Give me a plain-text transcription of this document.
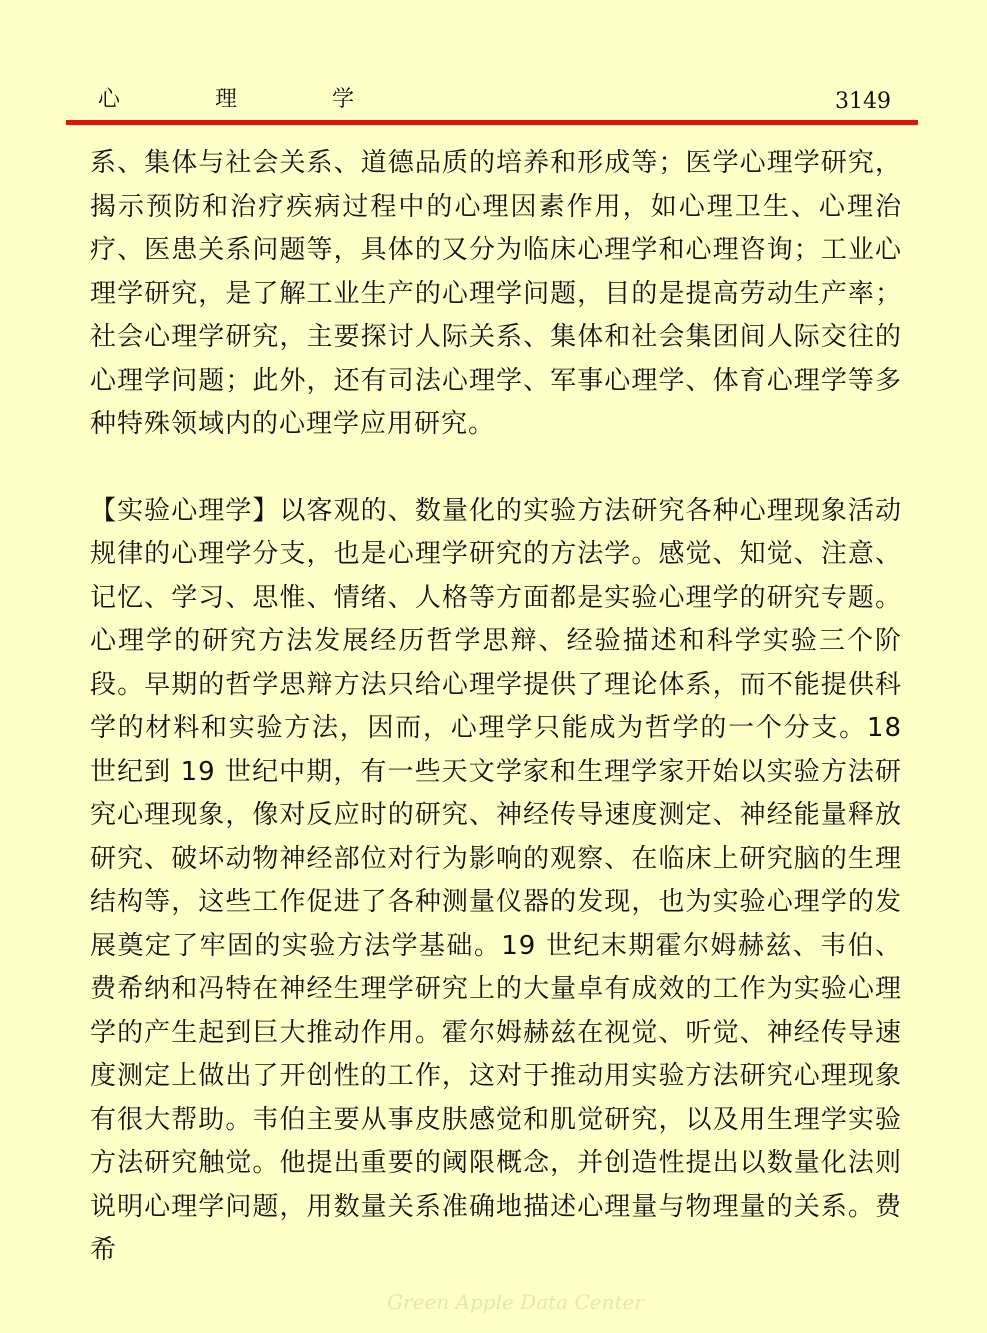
心 理 学	3149

系、集体与社会关系、道德品质的培养和形成等；医学心理学研究，揭示预防和治疗疾病过程中的心理因素作用，如心理卫生、心理治疗、医患关系问题等，具体的又分为临床心理学和心理咨询；工业心理学研究，是了解工业生产的心理学问题，目的是提高劳动生产率；社会心理学研究，主要探讨人际关系、集体和社会集团间人际交往的心理学问题；此外，还有司法心理学、军事心理学、体育心理学等多种特殊领域内的心理学应用研究。

【实验心理学】以客观的、数量化的实验方法研究各种心理现象活动规律的心理学分支，也是心理学研究的方法学。感觉、知觉、注意、记忆、学习、思惟、情绪、人格等方面都是实验心理学的研究专题。心理学的研究方法发展经历哲学思辩、经验描述和科学实验三个阶段。早期的哲学思辩方法只给心理学提供了理论体系，而不能提供科学的材料和实验方法，因而，心理学只能成为哲学的一个分支。18 世纪到 19 世纪中期，有一些天文学家和生理学家开始以实验方法研究心理现象，像对反应时的研究、神经传导速度测定、神经能量释放研究、破坏动物神经部位对行为影响的观察、在临床上研究脑的生理结构等，这些工作促进了各种测量仪器的发现，也为实验心理学的发展奠定了牢固的实验方法学基础。19 世纪末期霍尔姆赫兹、韦伯、费希纳和冯特在神经生理学研究上的大量卓有成效的工作为实验心理学的产生起到巨大推动作用。霍尔姆赫兹在视觉、听觉、神经传导速度测定上做出了开创性的工作，这对于推动用实验方法研究心理现象有很大帮助。韦伯主要从事皮肤感觉和肌觉研究，以及用生理学实验方法研究触觉。他提出重要的阈限概念，并创造性提出以数量化法则说明心理学问题，用数量关系准确地描述心理量与物理量的关系。费希

Green Apple Data Center
